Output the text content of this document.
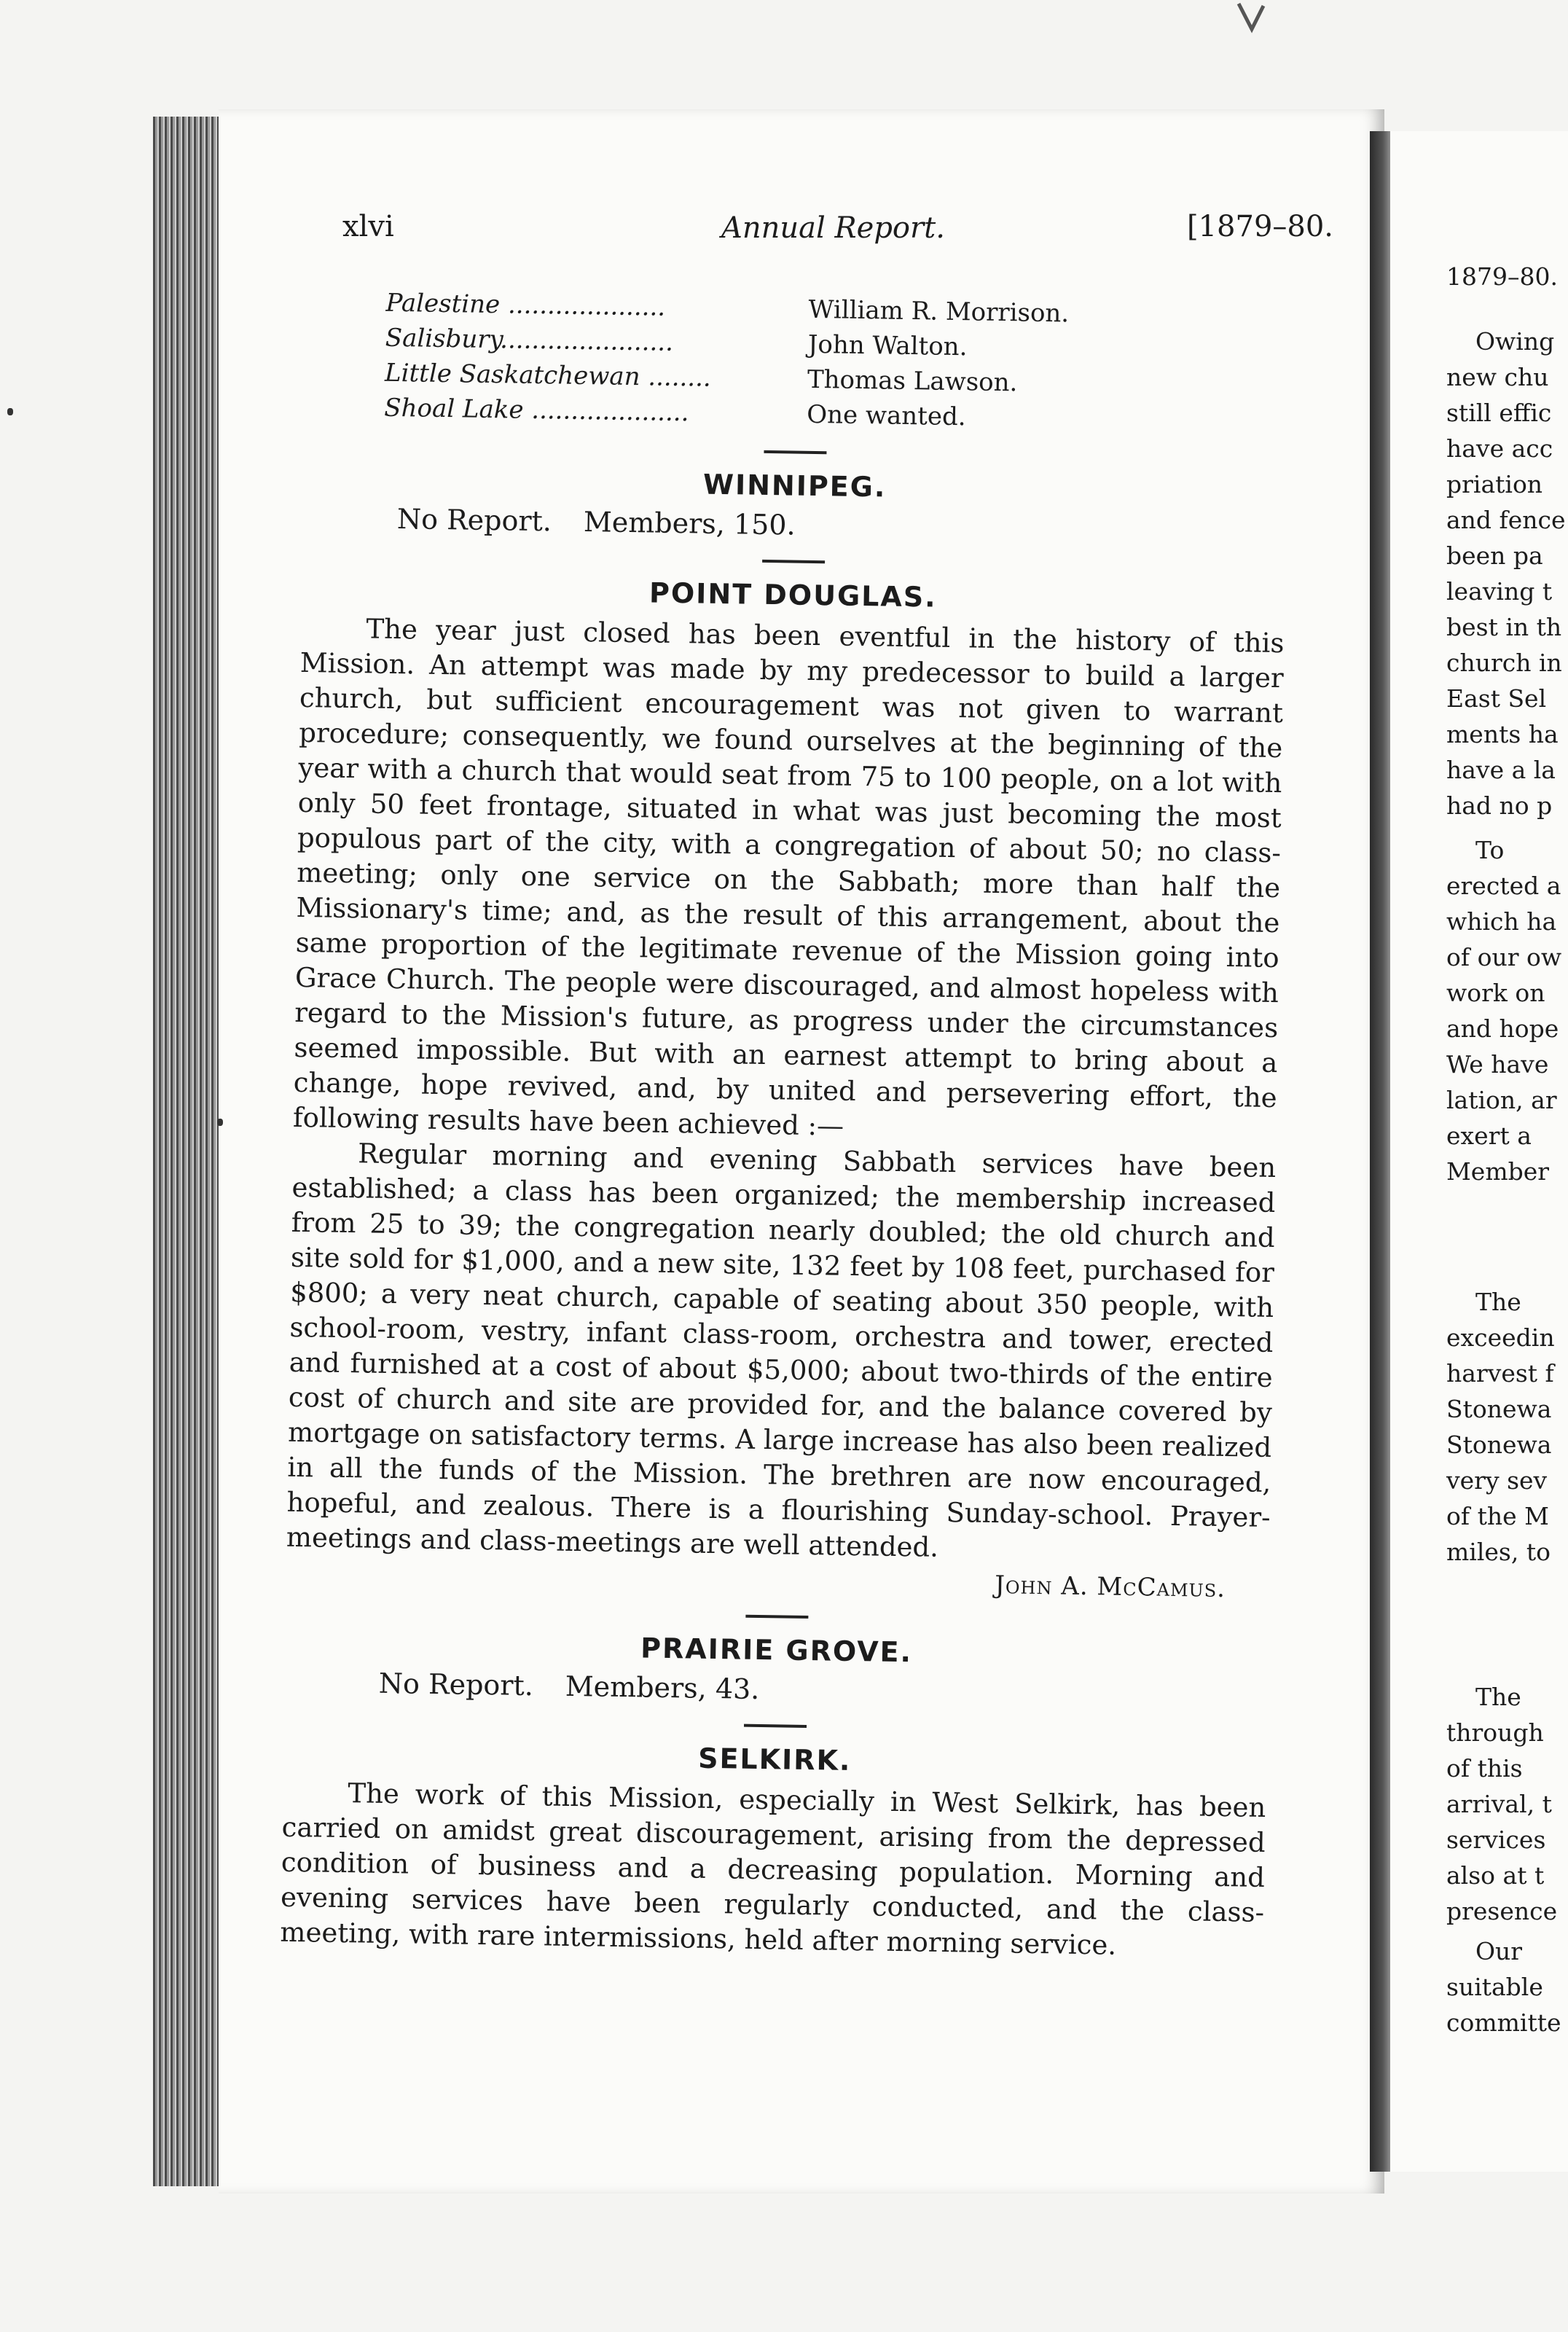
xlvi	Annual Report.	[1879–80.
Palestine ....................	William R. Morrison.
Salisbury......................	John Walton.
Little Saskatchewan ........	Thomas Lawson.
Shoal Lake ....................	One wanted.
WINNIPEG.
No Report. Members, 150.
POINT DOUGLAS.

The year just closed has been eventful in the history of this Mission. An attempt was made by my predecessor to build a larger church, but sufficient encouragement was not given to warrant procedure; consequently, we found ourselves at the beginning of the year with a church that would seat from 75 to 100 people, on a lot with only 50 feet frontage, situated in what was just becoming the most populous part of the city, with a congregation of about 50; no class-meeting; only one service on the Sabbath; more than half the Missionary's time; and, as the result of this arrangement, about the same proportion of the legitimate revenue of the Mission going into Grace Church. The people were discouraged, and almost hopeless with regard to the Mission's future, as progress under the circumstances seemed impossible. But with an earnest attempt to bring about a change, hope revived, and, by united and persevering effort, the following results have been achieved :—

Regular morning and evening Sabbath services have been established; a class has been organized; the membership increased from 25 to 39; the congregation nearly doubled; the old church and site sold for $1,000, and a new site, 132 feet by 108 feet, purchased for $800; a very neat church, capable of seating about 350 people, with school-room, vestry, infant class-room, orchestra and tower, erected and furnished at a cost of about $5,000; about two-thirds of the entire cost of church and site are provided for, and the balance covered by mortgage on satisfactory terms. A large increase has also been realized in all the funds of the Mission. The brethren are now encouraged, hopeful, and zealous. There is a flourishing Sunday-school. Prayer-meetings and class-meetings are well attended.

John A. McCamus.
PRAIRIE GROVE.
No Report. Members, 43.
SELKIRK.

The work of this Mission, especially in West Selkirk, has been carried on amidst great discouragement, arising from the depressed condition of business and a decreasing population. Morning and evening services have been regularly conducted, and the class-meeting, with rare intermissions, held after morning service.

1879–80.
Owing
new chu
still effic
have acc
priation
and fence
been pa
leaving t
best in th
church in
East Sel
ments ha
have a la
had no p
To
erected a
which ha
of our ow
work on
and hope
We have
lation, ar
exert a
Member
The
exceedin
harvest f
Stonewa
Stonewa
very sev
of the M
miles, to
The
through
of this
arrival, t
services
also at t
presence
Our
suitable
committe
